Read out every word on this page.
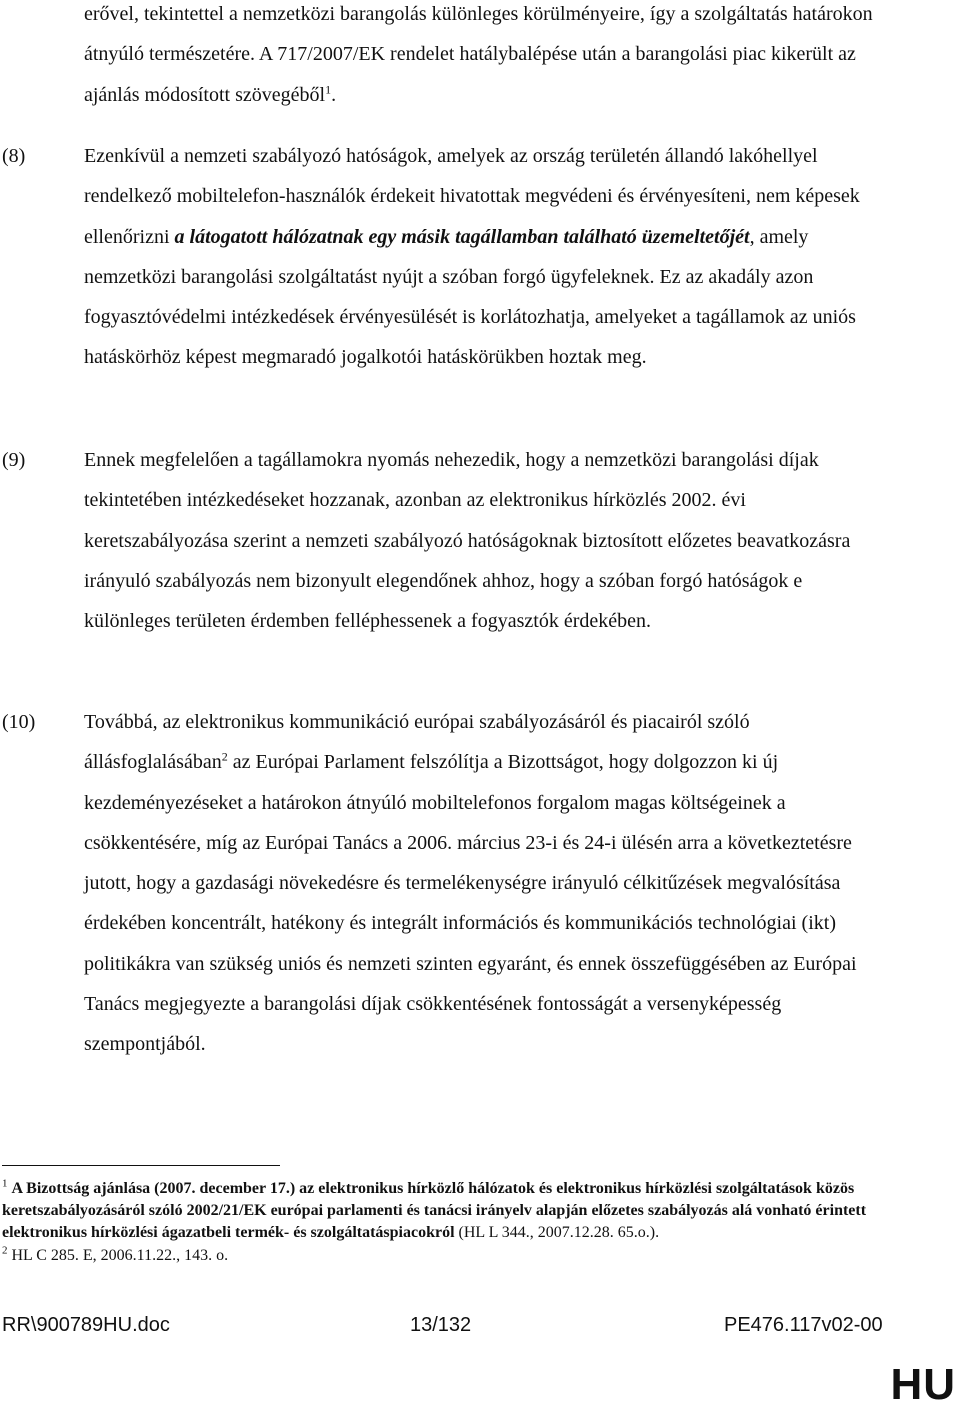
erővel, tekintettel a nemzetközi barangolás különleges körülményeire, így a szolgáltatás határokon átnyúló természetére. A 717/2007/EK rendelet hatálybalépése után a barangolási piac kikerült az ajánlás módosított szövegéből$^1$.
(8)	Ezenkívül a nemzeti szabályozó hatóságok, amelyek az ország területén állandó lakóhellyel rendelkező mobiltelefon-használók érdekeit hivatottak megvédeni és érvényesíteni, nem képesek ellenőrizni a látogatott hálózatnak egy másik tagállamban található üzemeltetőjét, amely nemzetközi barangolási szolgáltatást nyújt a szóban forgó ügyfeleknek. Ez az akadály azon fogyasztóvédelmi intézkedések érvényesülését is korlátozhatja, amelyeket a tagállamok az uniós hatáskörhöz képest megmaradó jogalkotói hatáskörükben hoztak meg.
(9)	Ennek megfelelően a tagállamokra nyomás nehezedik, hogy a nemzetközi barangolási díjak tekintetében intézkedéseket hozzanak, azonban az elektronikus hírközlés 2002. évi keretszabályozása szerint a nemzeti szabályozó hatóságoknak biztosított előzetes beavatkozásra irányuló szabályozás nem bizonyult elegendőnek ahhoz, hogy a szóban forgó hatóságok e különleges területen érdemben felléphessenek a fogyasztók érdekében.
(10) Továbbá, az elektronikus kommunikáció európai szabályozásáról és piacairól szóló állásfoglalásában$^2$ az Európai Parlament felszólítja a Bizottságot, hogy dolgozzon ki új kezdeményezéseket a határokon átnyúló mobiltelefonos forgalom magas költségeinek a csökkentésére, míg az Európai Tanács a 2006. március 23-i és 24-i ülésén arra a következtetésre jutott, hogy a gazdasági növekedésre és termelékenységre irányuló célkitűzések megvalósítása érdekében koncentrált, hatékony és integrált információs és kommunikációs technológiai (ikt) politikákra van szükség uniós és nemzeti szinten egyaránt, és ennek összefüggésében az Európai Tanács megjegyezte a barangolási díjak csökkentésének fontosságát a versenyképesség szempontjából.
$^1$ A Bizottság ajánlása (2007. december 17.) az elektronikus hírközlő hálózatok és elektronikus hírközlési szolgáltatások közös keretszabályozásáról szóló 2002/21/EK európai parlamenti és tanácsi irányelv alapján előzetes szabályozás alá vonható érintett elektronikus hírközlési ágazatbeli termék- és szolgáltatáspiacokról (HL L 344., 2007.12.28. 65.o.).
$^2$ HL C 285. E, 2006.11.22., 143. o.
RR\900789HU.doc	13/132	PE476.117v02-00
HU
